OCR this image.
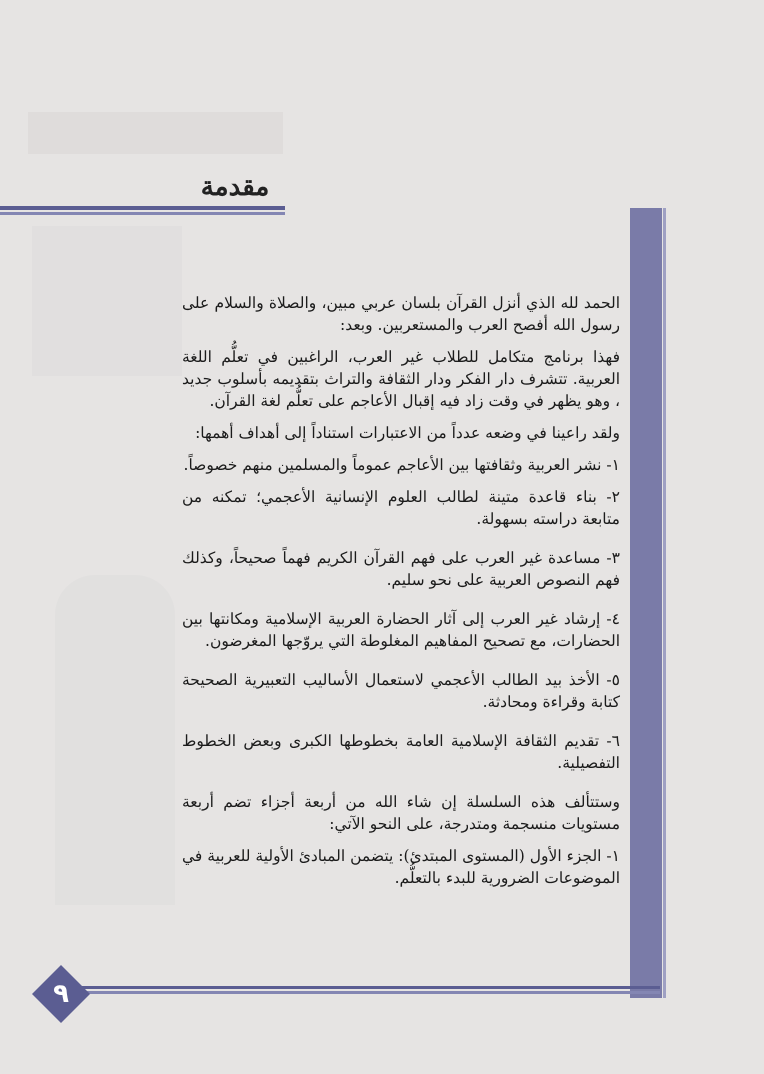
مقدمة

الحمد لله الذي أنزل القرآن بلسان عربي مبين، والصلاة والسلام على رسول الله أفصح العرب والمستعربين. وبعد:

فهذا برنامج متكامل للطلاب غير العرب، الراغبين في تعلُّم اللغة العربية. تتشرف دار الفكر ودار الثقافة والتراث بتقديمه بأسلوب جديد ، وهو يظهر في وقت زاد فيه إقبال الأعاجم على تعلُّم لغة القرآن.

ولقد راعينا في وضعه عدداً من الاعتبارات استناداً إلى أهداف أهمها:

١- نشر العربية وثقافتها بين الأعاجم عموماً والمسلمين منهم خصوصاً.

٢- بناء قاعدة متينة لطالب العلوم الإنسانية الأعجمي؛ تمكنه من متابعة دراسته بسهولة.

٣- مساعدة غير العرب على فهم القرآن الكريم فهماً صحيحاً، وكذلك فهم النصوص العربية على نحو سليم.

٤- إرشاد غير العرب إلى آثار الحضارة العربية الإسلامية ومكانتها بين الحضارات، مع تصحيح المفاهيم المغلوطة التي يروّجها المغرضون.

٥- الأخذ بيد الطالب الأعجمي لاستعمال الأساليب التعبيرية الصحيحة كتابة وقراءة ومحادثة.

٦- تقديم الثقافة الإسلامية العامة بخطوطها الكبرى وبعض الخطوط التفصيلية.

وستتألف هذه السلسلة إن شاء الله من أربعة أجزاء تضم أربعة مستويات منسجمة ومتدرجة، على النحو الآتي:

١- الجزء الأول (المستوى المبتدئ): يتضمن المبادئ الأولية للعربية في الموضوعات الضرورية للبدء بالتعلُّم.

٩
